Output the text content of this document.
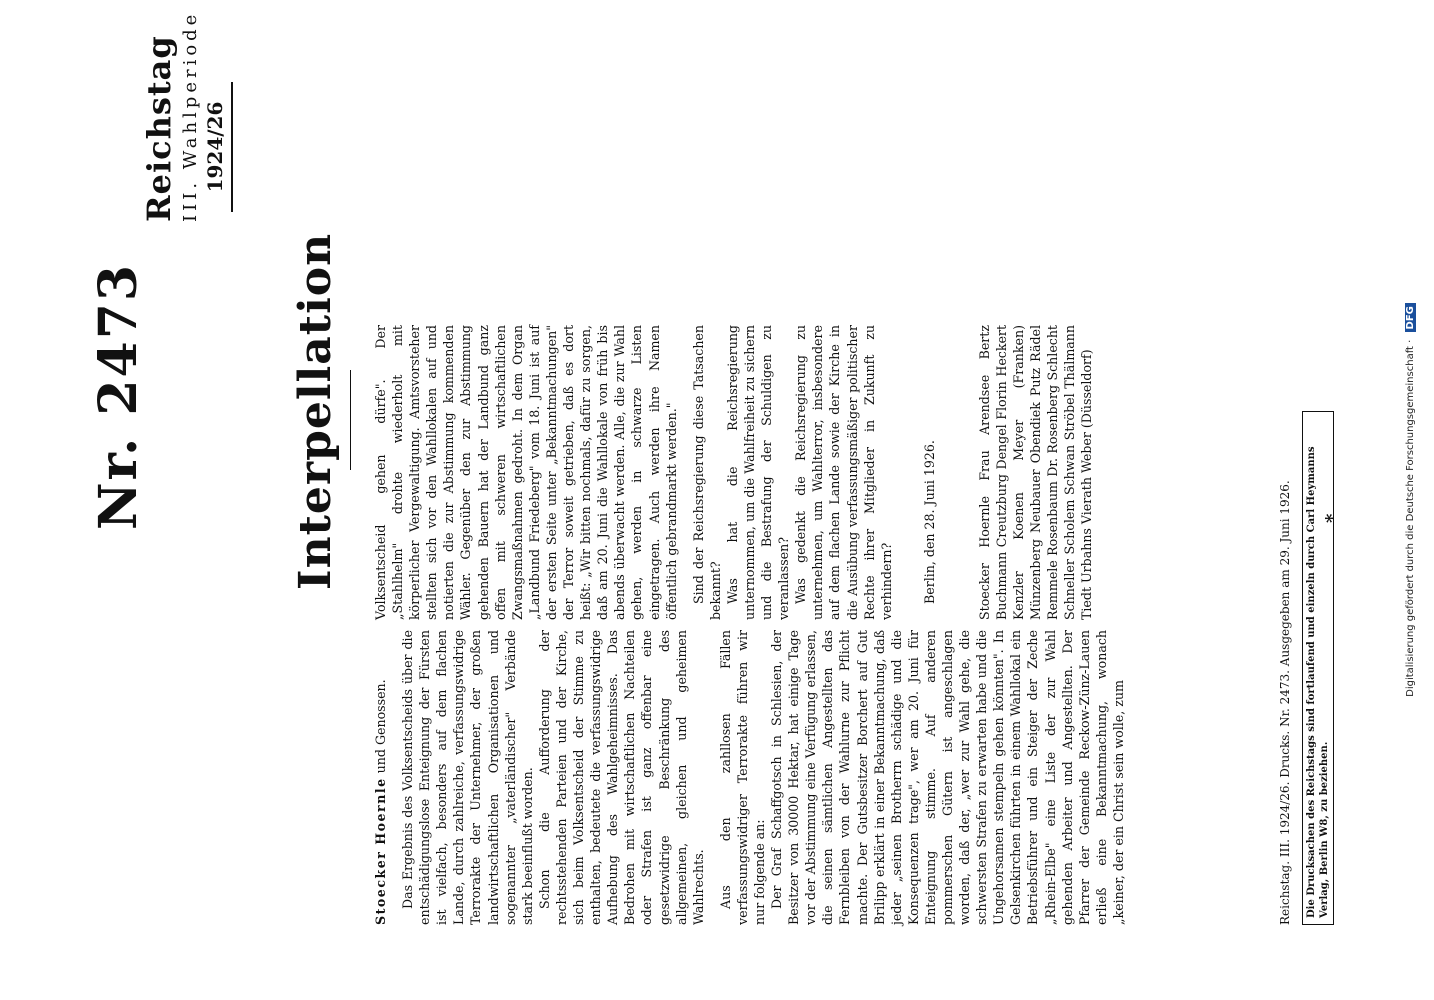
Nr. 2473
Reichstag III. Wahlperiode 1924/26
Interpellation

Stoecker Hoernle und Genossen. Das Ergebnis des Volksentscheids über die entschädigungslose Enteignung der Fürsten ist vielfach, besonders auf dem flachen Lande, durch zahlreiche, verfassungswidrige Terrorakte der Unternehmer, der großen landwirtschaftlichen Organisationen und sogenannter „vaterländischer" Verbände stark beeinflußt worden. Schon die Aufforderung der rechtsstehenden Parteien und der Kirche, sich beim Volksentscheid der Stimme zu enthalten, bedeutete die verfassungswidrige Aufhebung des Wahlgeheimnisses. Das Bedrohen mit wirtschaftlichen Nachteilen oder Strafen ist ganz offenbar eine gesetzwidrige Beschränkung des allgemeinen, gleichen und geheimen Wahlrechts. Aus den zahllosen Fällen verfassungswidriger Terrorakte führen wir nur folgende an: Der Graf Schaffgotsch in Schlesien, der Besitzer von 30000 Hektar, hat einige Tage vor der Abstimmung eine Verfügung erlassen, die seinen sämtlichen Angestellten das Fernbleiben von der Wahlurne zur Pflicht machte. Der Gutsbesitzer Borchert auf Gut Brilipp erklärt in einer Bekanntmachung, daß jeder „seinen Brotherrn schädige und die Konsequenzen trage", wer am 20. Juni für Enteignung stimme. Auf anderen pommerschen Gütern ist angeschlagen worden, daß der, „wer zur Wahl gehe, die schwersten Strafen zu erwarten habe und die Ungehorsamen stempeln gehen könnten". In Gelsenkirchen führten in einem Wahllokal ein Betriebsführer und ein Steiger der Zeche „Rhein-Elbe" eine Liste der zur Wahl gehenden Arbeiter und Angestellten. Der Pfarrer der Gemeinde Reckow-Zünz-Lauen erließ eine Bekanntmachung, wonach „keiner, der ein Christ sein wolle, zum

Volksentscheid gehen dürfe". Der „Stahlhelm" drohte wiederholt mit körperlicher Vergewaltigung. Amtsvorsteher stellten sich vor den Wahllokalen auf und notierten die zur Abstimmung kommenden Wähler. Gegenüber den zur Abstimmung gehenden Bauern hat der Landbund ganz offen mit schweren wirtschaftlichen Zwangsmaßnahmen gedroht. In dem Organ „Landbund Friedeberg" vom 18. Juni ist auf der ersten Seite unter „Bekanntmachungen" der Terror soweit getrieben, daß es dort heißt: „Wir bitten nochmals, dafür zu sorgen, daß am 20. Juni die Wahllokale von früh bis abends überwacht werden. Alle, die zur Wahl gehen, werden in schwarze Listen eingetragen. Auch werden ihre Namen öffentlich gebrandmarkt werden." Sind der Reichsregierung diese Tatsachen bekannt? Was hat die Reichsregierung unternommen, um die Wahlfreiheit zu sichern und die Bestrafung der Schuldigen zu veranlassen? Was gedenkt die Reichsregierung zu unternehmen, um Wahlterror, insbesondere auf dem flachen Lande sowie der Kirche in die Ausübung verfassungsmäßiger politischer Rechte ihrer Mitglieder in Zukunft zu verhindern? Berlin, den 28. Juni 1926.	Stoecker Hoernle Frau Arendsee Bertz Buchmann Creutzburg Dengel Florin Heckert Kenzler Koenen Meyer (Franken) Münzenberg Neubauer Obendiek Putz Rädel Remmele Rosenbaum Dr. Rosenberg Schlecht Schneller Scholem Schwan Ströbel Thälmann Tiedt Urbahns Vierath Weber (Düsseldorf)	Reichstag. III. 1924/26. Drucks. Nr. 2473. Ausgegeben am 29. Juni 1926.	Die Drucksachen des Reichstags sind fortlaufend und einzeln durch Carl Heymanns Verlag, Berlin W8, zu beziehen.
*	Digitalisierung gefördert durch die Deutsche Forschungsgemeinschaft · DFG
